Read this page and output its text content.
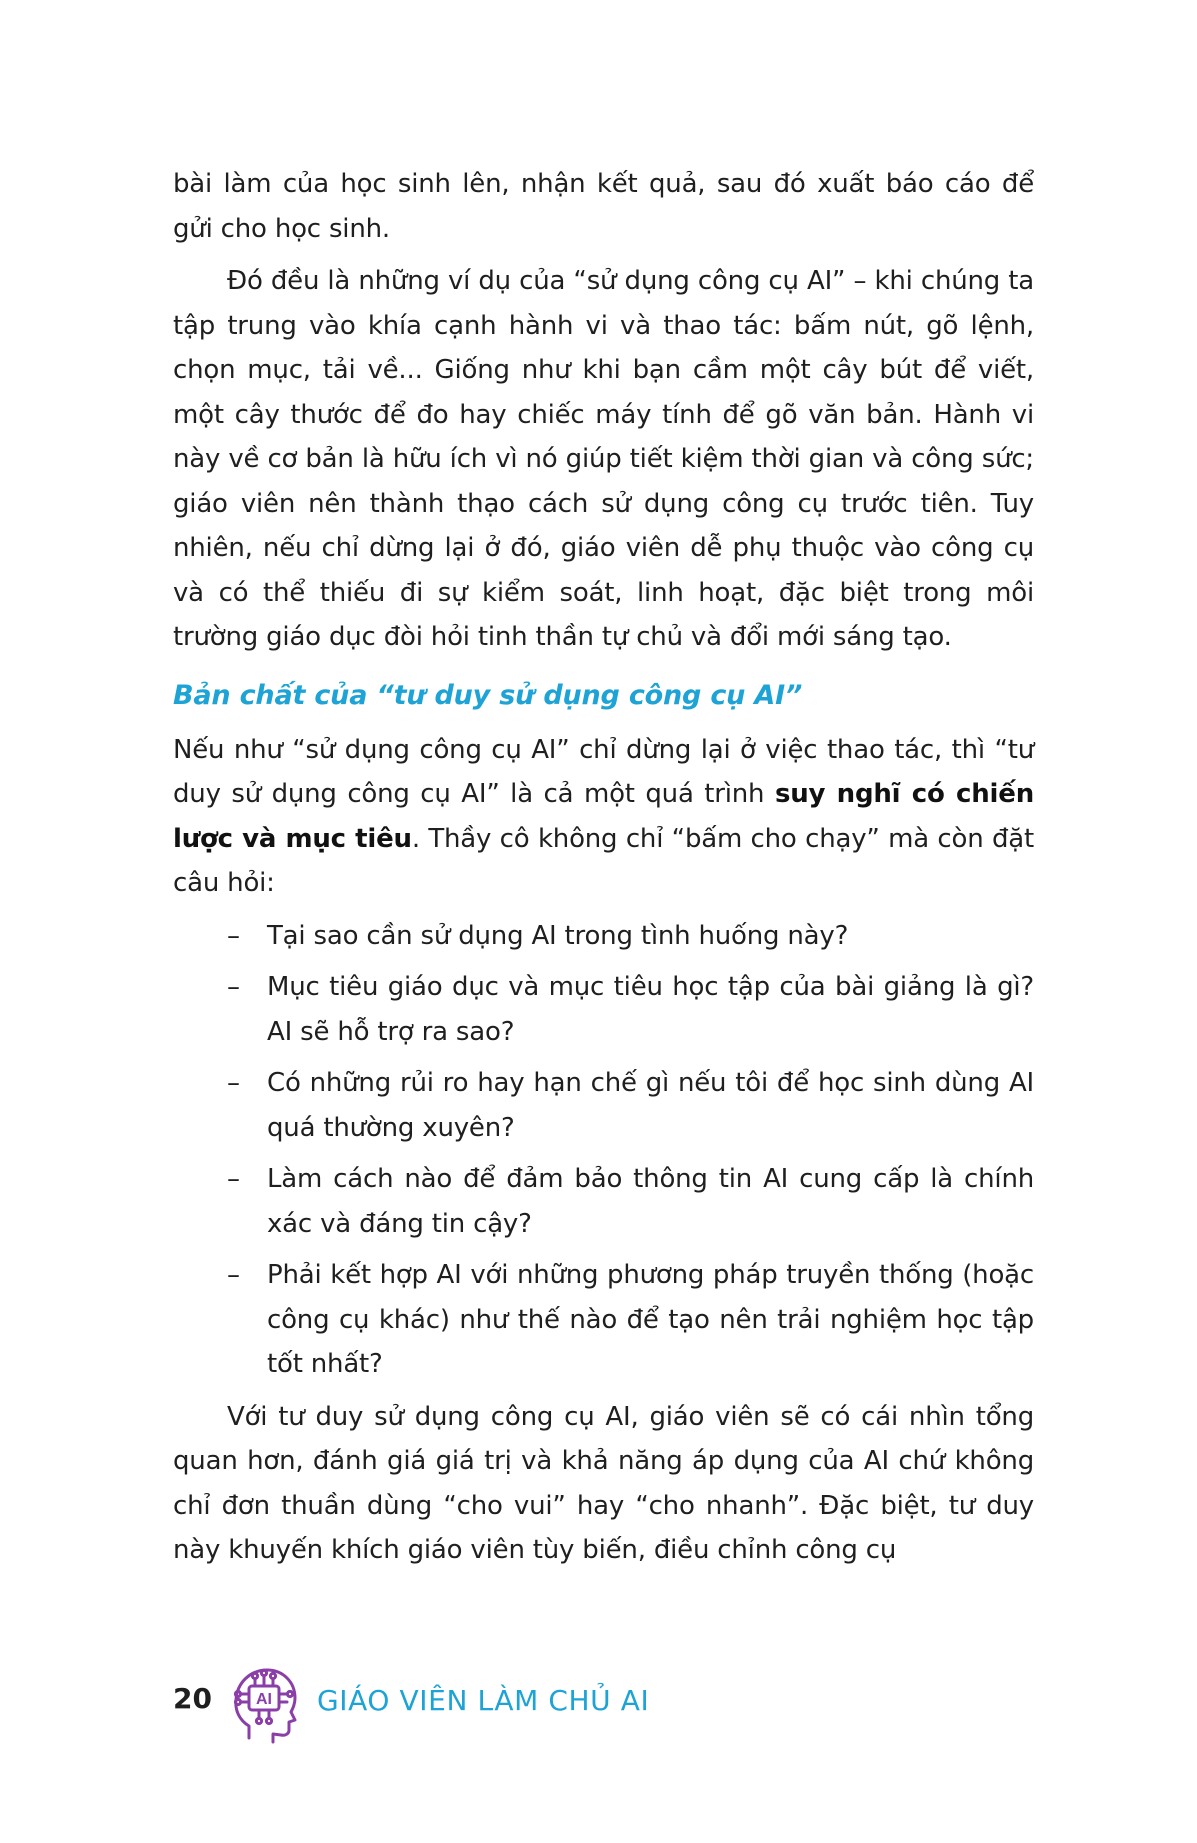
bài làm của học sinh lên, nhận kết quả, sau đó xuất báo cáo để gửi cho học sinh.

Đó đều là những ví dụ của “sử dụng công cụ AI” – khi chúng ta tập trung vào khía cạnh hành vi và thao tác: bấm nút, gõ lệnh, chọn mục, tải về... Giống như khi bạn cầm một cây bút để viết, một cây thước để đo hay chiếc máy tính để gõ văn bản. Hành vi này về cơ bản là hữu ích vì nó giúp tiết kiệm thời gian và công sức; giáo viên nên thành thạo cách sử dụng công cụ trước tiên. Tuy nhiên, nếu chỉ dừng lại ở đó, giáo viên dễ phụ thuộc vào công cụ và có thể thiếu đi sự kiểm soát, linh hoạt, đặc biệt trong môi trường giáo dục đòi hỏi tinh thần tự chủ và đổi mới sáng tạo.

Bản chất của “tư duy sử dụng công cụ AI”

Nếu như “sử dụng công cụ AI” chỉ dừng lại ở việc thao tác, thì “tư duy sử dụng công cụ AI” là cả một quá trình suy nghĩ có chiến lược và mục tiêu. Thầy cô không chỉ “bấm cho chạy” mà còn đặt câu hỏi:

– Tại sao cần sử dụng AI trong tình huống này?
– Mục tiêu giáo dục và mục tiêu học tập của bài giảng là gì? AI sẽ hỗ trợ ra sao?
– Có những rủi ro hay hạn chế gì nếu tôi để học sinh dùng AI quá thường xuyên?
– Làm cách nào để đảm bảo thông tin AI cung cấp là chính xác và đáng tin cậy?
– Phải kết hợp AI với những phương pháp truyền thống (hoặc công cụ khác) như thế nào để tạo nên trải nghiệm học tập tốt nhất?

Với tư duy sử dụng công cụ AI, giáo viên sẽ có cái nhìn tổng quan hơn, đánh giá giá trị và khả năng áp dụng của AI chứ không chỉ đơn thuần dùng “cho vui” hay “cho nhanh”. Đặc biệt, tư duy này khuyến khích giáo viên tùy biến, điều chỉnh công cụ

20	AI GIÁO VIÊN LÀM CHỦ AI
